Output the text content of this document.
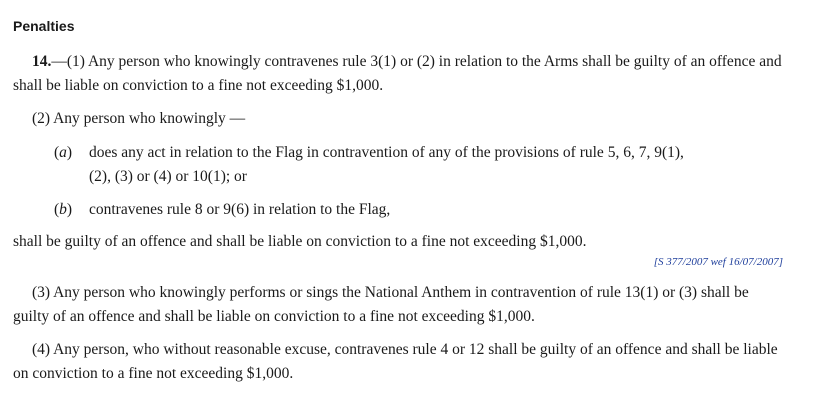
Penalties
14.—(1) Any person who knowingly contravenes rule 3(1) or (2) in relation to the Arms shall be guilty of an offence and shall be liable on conviction to a fine not exceeding $1,000.
(2) Any person who knowingly —
(a) does any act in relation to the Flag in contravention of any of the provisions of rule 5, 6, 7, 9(1),
(2), (3) or (4) or 10(1); or
(b) contravenes rule 8 or 9(6) in relation to the Flag,
shall be guilty of an offence and shall be liable on conviction to a fine not exceeding $1,000.
[S 377/2007 wef 16/07/2007]
(3) Any person who knowingly performs or sings the National Anthem in contravention of rule 13(1) or (3) shall be guilty of an offence and shall be liable on conviction to a fine not exceeding $1,000.
(4) Any person, who without reasonable excuse, contravenes rule 4 or 12 shall be guilty of an offence and shall be liable on conviction to a fine not exceeding $1,000.
